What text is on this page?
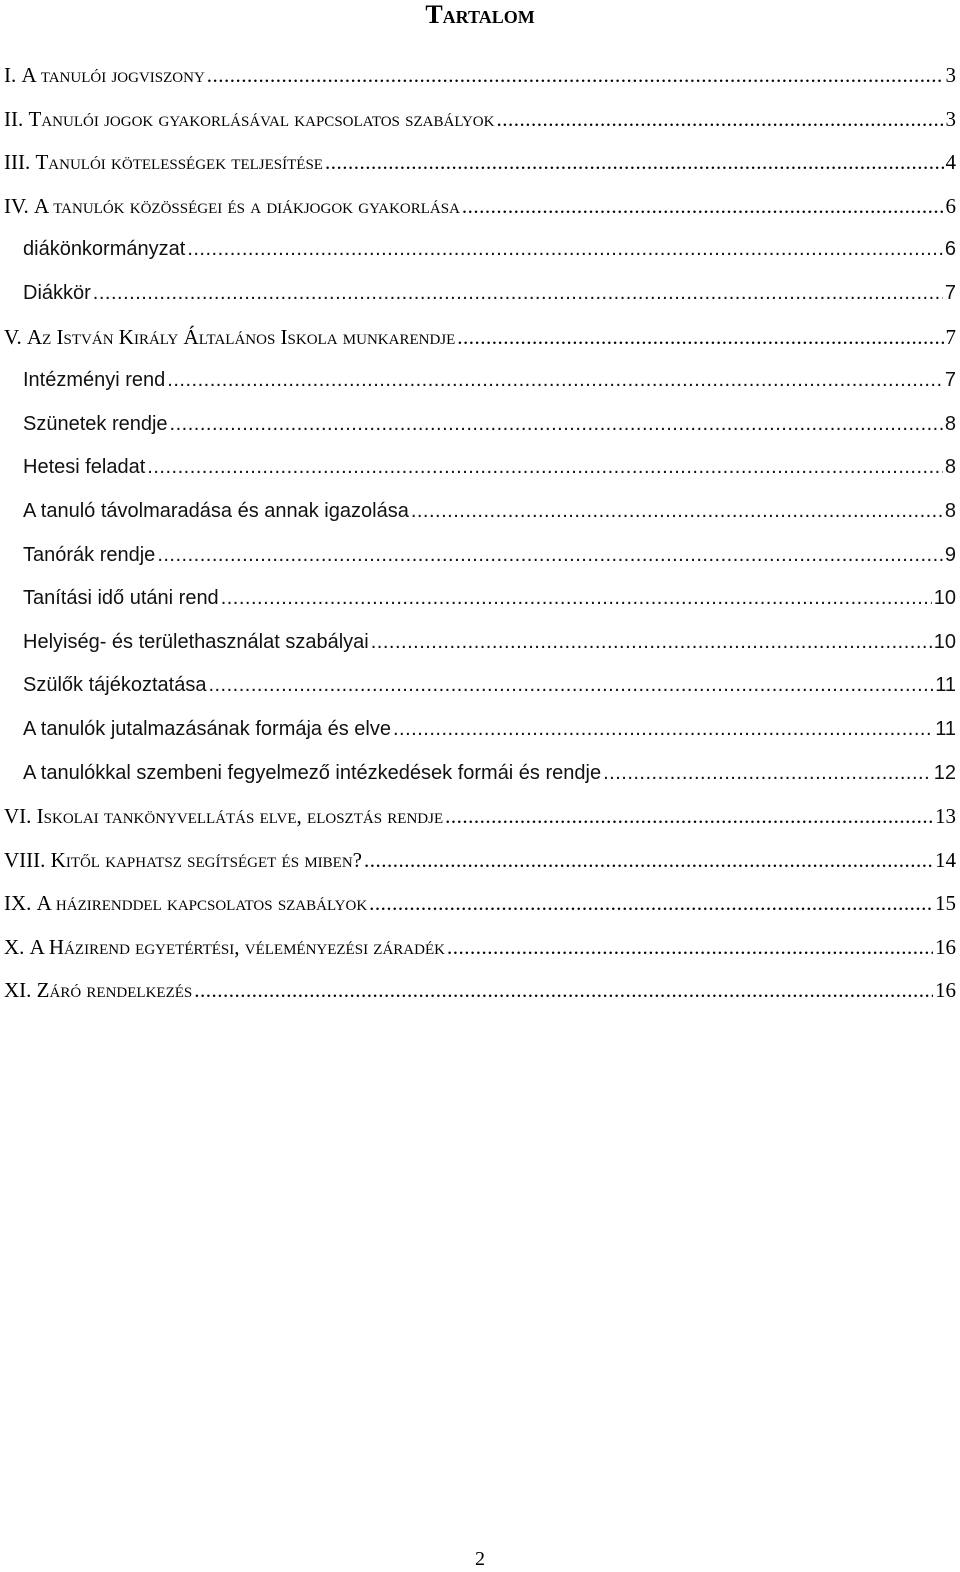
Tartalom
I. A tanulói jogviszony .....	3
II. Tanulói jogok gyakorlásával kapcsolatos szabályok .....	3
III. Tanulói kötelességek teljesítése .....	4
IV. A tanulók közösségei és a diákjogok gyakorlása .....	6
diákönkormányzat .....	6
Diákkör .....	7
V. Az István Király Általános Iskola munkarendje .....	7
Intézményi rend .....	7
Szünetek rendje .....	8
Hetesi feladat .....	8
A tanuló távolmaradása és annak igazolása .....	8
Tanórák rendje .....	9
Tanítási idő utáni rend .....	10
Helyiség- és területhasználat szabályai .....	10
Szülők tájékoztatása .....	11
A tanulók jutalmazásának formája és elve .....	11
A tanulókkal szembeni fegyelmező intézkedések formái és rendje .....	12
VI. Iskolai tankönyvellátás elve, elosztás rendje .....	13
VIII. Kitől kaphatsz segítséget és miben? .....	14
IX. A házirenddel kapcsolatos szabályok .....	15
X. A Házirend egyetértési, véleményezési záradék .....	16
XI. Záró rendelkezés .....	16
2
